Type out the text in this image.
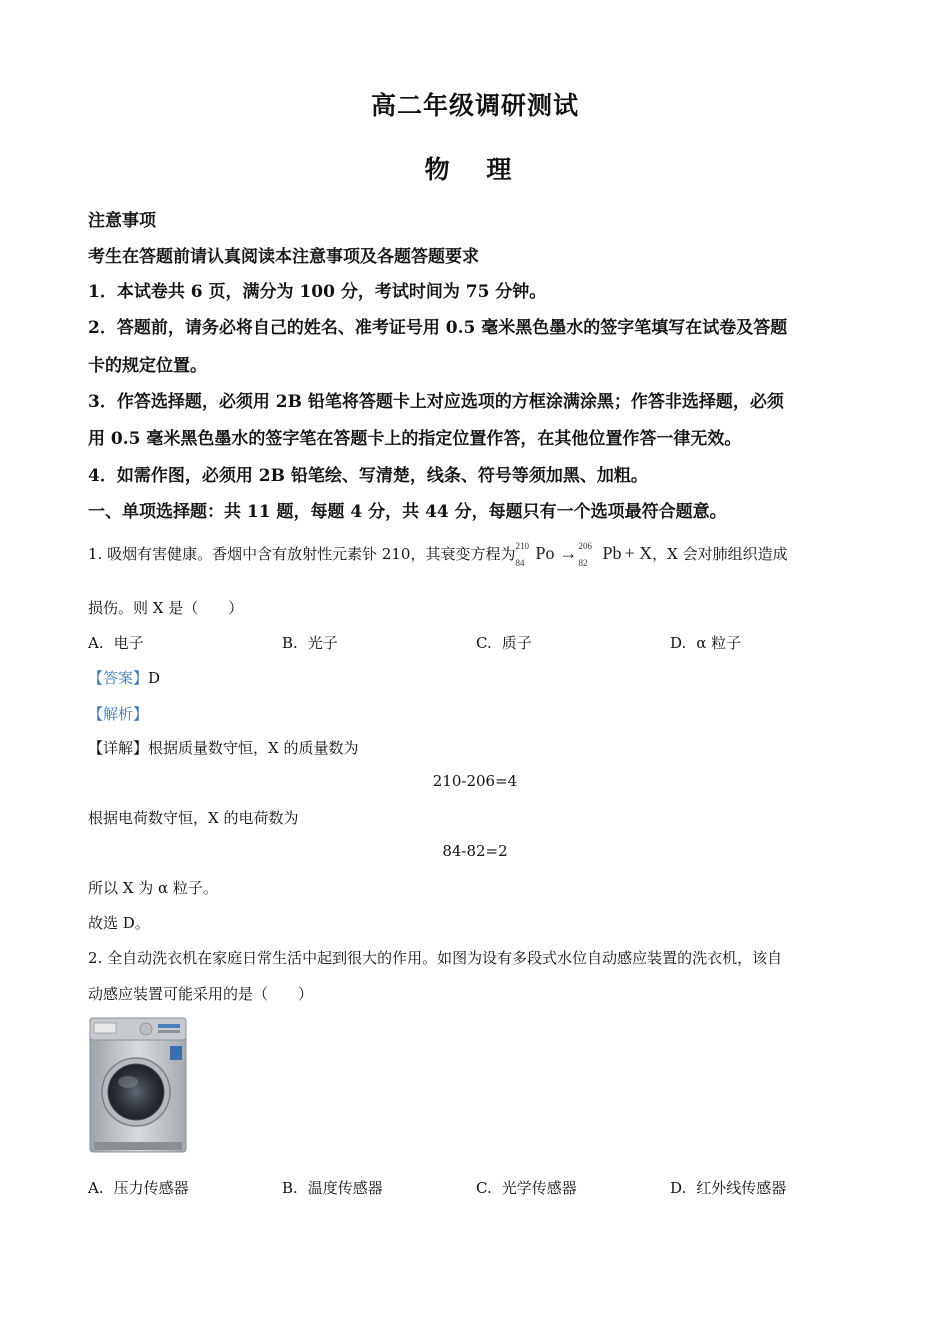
高二年级调研测试
物 理
注意事项
考生在答题前请认真阅读本注意事项及各题答题要求
1．本试卷共 6 页，满分为 100 分，考试时间为 75 分钟。
2．答题前，请务必将自己的姓名、准考证号用 0.5 毫米黑色墨水的签字笔填写在试卷及答题
卡的规定位置。
3．作答选择题，必须用 2B 铅笔将答题卡上对应选项的方框涂满涂黑；作答非选择题，必须
用 0.5 毫米黑色墨水的签字笔在答题卡上的指定位置作答，在其他位置作答一律无效。
4．如需作图，必须用 2B 铅笔绘、写清楚，线条、符号等须加黑、加粗。
一、单项选择题：共 11 题，每题 4 分，共 44 分，每题只有一个选项最符合题意。
1. 吸烟有害健康。香烟中含有放射性元素钋 210，其衰变方程为 210
84 Po → 206
82 Pb + X，X 会对肺组织造成
损伤。则 X 是（　　）
A. 电子	B. 光子	C. 质子	D. α 粒子
【答案】D
【解析】
【详解】根据质量数守恒，X 的质量数为
210-206=4
根据电荷数守恒，X 的电荷数为
84-82=2
所以 X 为 α 粒子。
故选 D。
2. 全自动洗衣机在家庭日常生活中起到很大的作用。如图为设有多段式水位自动感应装置的洗衣机，该自
动感应装置可能采用的是（　　）
A. 压力传感器	B. 温度传感器	C. 光学传感器	D. 红外线传感器
